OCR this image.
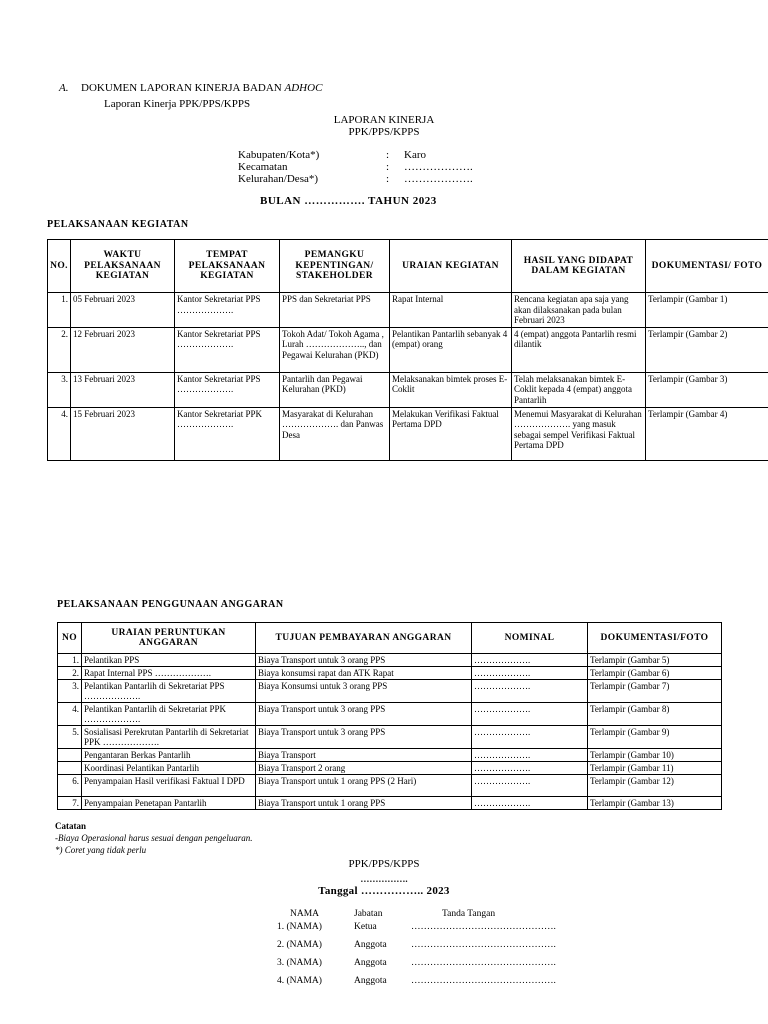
A. DOKUMEN LAPORAN KINERJA BADAN ADHOC
Laporan Kinerja PPK/PPS/KPPS
LAPORAN KINERJA
PPK/PPS/KPPS
Kabupaten/Kota*)	: Karo
Kecamatan	: ……………….
Kelurahan/Desa*)	: ……………….
BULAN ……………. TAHUN 2023
PELAKSANAAN KEGIATAN
NO.	WAKTU PELAKSANAAN KEGIATAN	TEMPAT PELAKSANAAN KEGIATAN	PEMANGKU KEPENTINGAN/ STAKEHOLDER	URAIAN KEGIATAN	HASIL YANG DIDAPAT DALAM KEGIATAN	DOKUMENTASI/ FOTO
1.	05 Februari 2023	Kantor Sekretariat PPS ……………….	PPS dan Sekretariat PPS	Rapat Internal	Rencana kegiatan apa saja yang akan dilaksanakan pada bulan Februari 2023	Terlampir (Gambar 1)
2.	12 Februari 2023	Kantor Sekretariat PPS ……………….	Tokoh Adat/ Tokoh Agama , Lurah ……………….., dan Pegawai Kelurahan (PKD)	Pelantikan Pantarlih sebanyak 4 (empat) orang	4 (empat) anggota Pantarlih resmi dilantik	Terlampir (Gambar 2)
3.	13 Februari 2023	Kantor Sekretariat PPS ……………….	Pantarlih dan Pegawai Kelurahan (PKD)	Melaksanakan bimtek proses E-Coklit	Telah melaksanakan bimtek E-Coklit kepada 4 (empat) anggota Pantarlih	Terlampir (Gambar 3)
4.	15 Februari 2023	Kantor Sekretariat PPK ……………….	Masyarakat di Kelurahan ………………. dan Panwas Desa	Melakukan Verifikasi Faktual Pertama DPD	Menemui Masyarakat di Kelurahan ………………. yang masuk sebagai sempel Verifikasi Faktual Pertama DPD	Terlampir (Gambar 4)
PELAKSANAAN PENGGUNAAN ANGGARAN
NO	URAIAN PERUNTUKAN ANGGARAN	TUJUAN PEMBAYARAN ANGGARAN	NOMINAL	DOKUMENTASI/FOTO
1.	Pelantikan PPS	Biaya Transport untuk 3 orang PPS	……………….	Terlampir (Gambar 5)
2.	Rapat Internal PPS ……………….	Biaya konsumsi rapat dan ATK Rapat	……………….	Terlampir (Gambar 6)
3.	Pelantikan Pantarlih di Sekretariat PPS ……………….	Biaya Konsumsi untuk 3 orang PPS	……………….	Terlampir (Gambar 7)
4.	Pelantikan Pantarlih di Sekretariat PPK ……………….	Biaya Transport untuk 3 orang PPS	……………….	Terlampir (Gambar 8)
5.	Sosialisasi Perekrutan Pantarlih di Sekretariat PPK ……………….	Biaya Transport untuk 3 orang PPS	……………….	Terlampir (Gambar 9)
	Pengantaran Berkas Pantarlih	Biaya Transport	……………….	Terlampir (Gambar 10)
	Koordinasi Pelantikan Pantarlih	Biaya Transport 2 orang	……………….	Terlampir (Gambar 11)
6.	Penyampaian Hasil verifikasi Faktual I DPD	Biaya Transport untuk 1 orang PPS (2 Hari)	……………….	Terlampir (Gambar 12)
7.	Penyampaian Penetapan Pantarlih	Biaya Transport untuk 1 orang PPS	……………….	Terlampir (Gambar 13)
Catatan
-Biaya Operasional harus sesuai dengan pengeluaran.
*) Coret yang tidak perlu
PPK/PPS/KPPS
…………….
Tanggal …………….. 2023
NAMA	Jabatan	Tanda Tangan
1. (NAMA)	Ketua	……………………………………….
2. (NAMA)	Anggota	……………………………………….
3. (NAMA)	Anggota	……………………………………….
4. (NAMA)	Anggota	……………………………………….
